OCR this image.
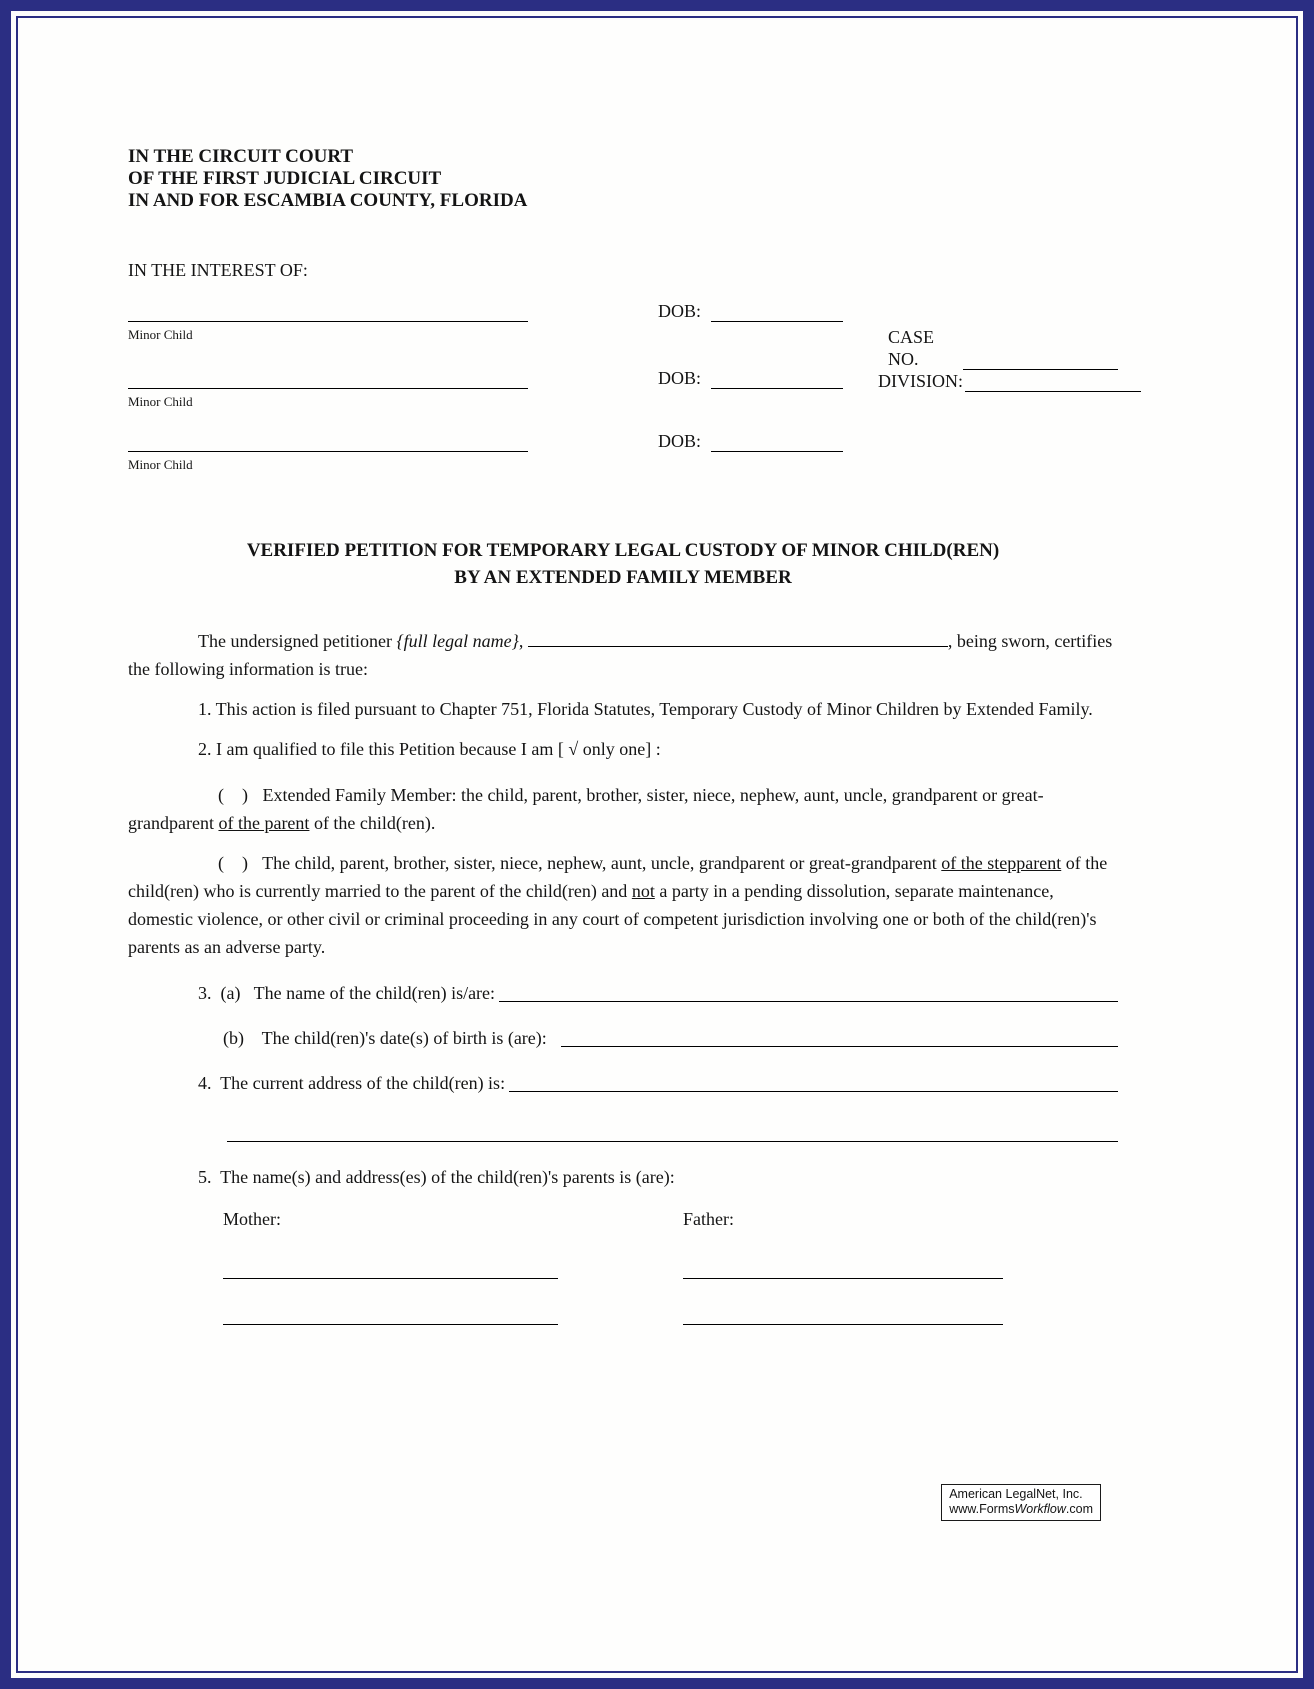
IN THE CIRCUIT COURT
OF THE FIRST JUDICIAL CIRCUIT
IN AND FOR ESCAMBIA COUNTY, FLORIDA
IN THE INTEREST OF:
DOB:
Minor Child
DOB:
Minor Child
DOB:
Minor Child
CASE NO.
DIVISION:
VERIFIED PETITION FOR TEMPORARY LEGAL CUSTODY OF MINOR CHILD(REN)
BY AN EXTENDED FAMILY MEMBER

The undersigned petitioner {full legal name},	, being sworn, certifies the following information is true:

1. This action is filed pursuant to Chapter 751, Florida Statutes, Temporary Custody of Minor Children by Extended Family.

2. I am qualified to file this Petition because I am [ √ only one] :

(    ) Extended Family Member: the child, parent, brother, sister, niece, nephew, aunt, uncle, grandparent or great-grandparent of the parent of the child(ren).

(    ) The child, parent, brother, sister, niece, nephew, aunt, uncle, grandparent or great-grandparent of the stepparent of the child(ren) who is currently married to the parent of the child(ren) and not a party in a pending dissolution, separate maintenance, domestic violence, or other civil or criminal proceeding in any court of competent jurisdiction involving one or both of the child(ren)'s parents as an adverse party.

3.  (a)   The name of the child(ren) is/are:
(b)    The child(ren)'s date(s) of birth is (are):
4.  The current address of the child(ren) is:
5.  The name(s) and address(es) of the child(ren)'s parents is (are):
Mother:	Father:
American LegalNet, Inc.
www.FormsWorkflow.com
